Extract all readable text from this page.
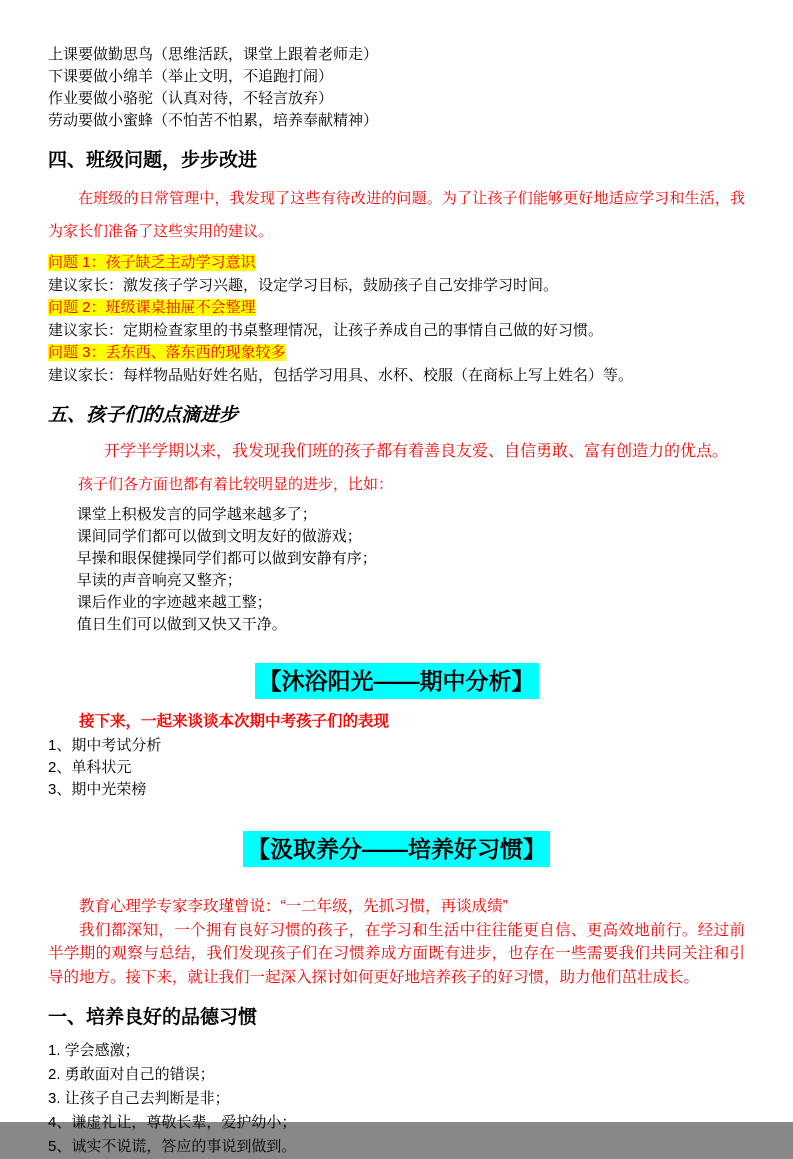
上课要做勤思鸟（思维活跃，课堂上跟着老师走）

下课要做小绵羊（举止文明，不追跑打闹）

作业要做小骆驼（认真对待，不轻言放弃）

劳动要做小蜜蜂（不怕苦不怕累，培养奉献精神）

四、班级问题，步步改进

在班级的日常管理中，我发现了这些有待改进的问题。为了让孩子们能够更好地适应学习和生活，我为家长们准备了这些实用的建议。

问题 1：孩子缺乏主动学习意识

建议家长：激发孩子学习兴趣，设定学习目标，鼓励孩子自己安排学习时间。

问题 2：班级课桌抽屉不会整理

建议家长：定期检查家里的书桌整理情况，让孩子养成自己的事情自己做的好习惯。

问题 3：丢东西、落东西的现象较多

建议家长：每样物品贴好姓名贴，包括学习用具、水杯、校服（在商标上写上姓名）等。

五、孩子们的点滴进步

开学半学期以来，我发现我们班的孩子都有着善良友爱、自信勇敢、富有创造力的优点。

孩子们各方面也都有着比较明显的进步，比如：

课堂上积极发言的同学越来越多了；

课间同学们都可以做到文明友好的做游戏；

早操和眼保健操同学们都可以做到安静有序；

早读的声音响亮又整齐；

课后作业的字迹越来越工整；

值日生们可以做到又快又干净。

【沐浴阳光——期中分析】

接下来，一起来谈谈本次期中考孩子们的表现

1、期中考试分析

2、单科状元

3、期中光荣榜

【汲取养分——培养好习惯】

教育心理学专家李玫瑾曾说：“一二年级，先抓习惯，再谈成绩”

我们都深知，一个拥有良好习惯的孩子，在学习和生活中往往能更自信、更高效地前行。经过前半学期的观察与总结，我们发现孩子们在习惯养成方面既有进步，也存在一些需要我们共同关注和引导的地方。接下来，就让我们一起深入探讨如何更好地培养孩子的好习惯，助力他们茁壮成长。

一、培养良好的品德习惯

1. 学会感激；

2. 勇敢面对自己的错误；

3. 让孩子自己去判断是非；

4、谦虚礼让，尊敬长辈，爱护幼小；

5、诚实不说谎，答应的事说到做到。
